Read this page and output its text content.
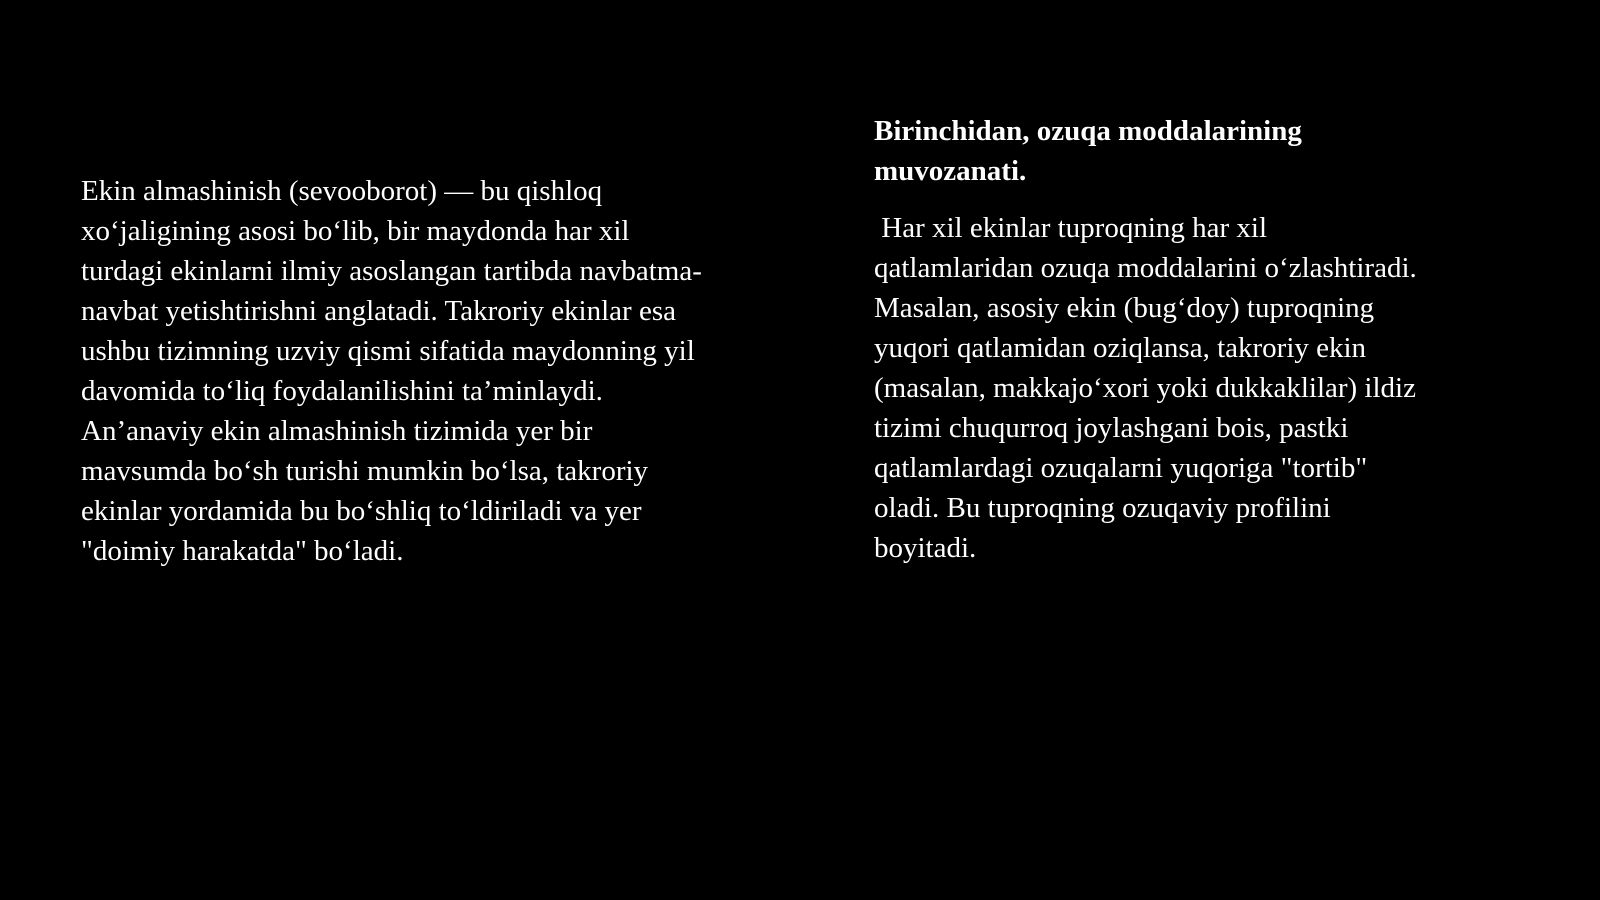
Ekin almashinish (sevooborot) — bu qishloq
xo‘jaligining asosi bo‘lib, bir maydonda har xil
turdagi ekinlarni ilmiy asoslangan tartibda navbatma-
navbat yetishtirishni anglatadi. Takroriy ekinlar esa
ushbu tizimning uzviy qismi sifatida maydonning yil
davomida to‘liq foydalanilishini ta’minlaydi.
An’anaviy ekin almashinish tizimida yer bir
mavsumda bo‘sh turishi mumkin bo‘lsa, takroriy
ekinlar yordamida bu bo‘shliq to‘ldiriladi va yer
"doimiy harakatda" bo‘ladi.

Birinchidan, ozuqa moddalarining
muvozanati.

Har xil ekinlar tuproqning har xil
qatlamlaridan ozuqa moddalarini o‘zlashtiradi.
Masalan, asosiy ekin (bug‘doy) tuproqning
yuqori qatlamidan oziqlansa, takroriy ekin
(masalan, makkajo‘xori yoki dukkaklilar) ildiz
tizimi chuqurroq joylashgani bois, pastki
qatlamlardagi ozuqalarni yuqoriga "tortib"
oladi. Bu tuproqning ozuqaviy profilini
boyitadi.
